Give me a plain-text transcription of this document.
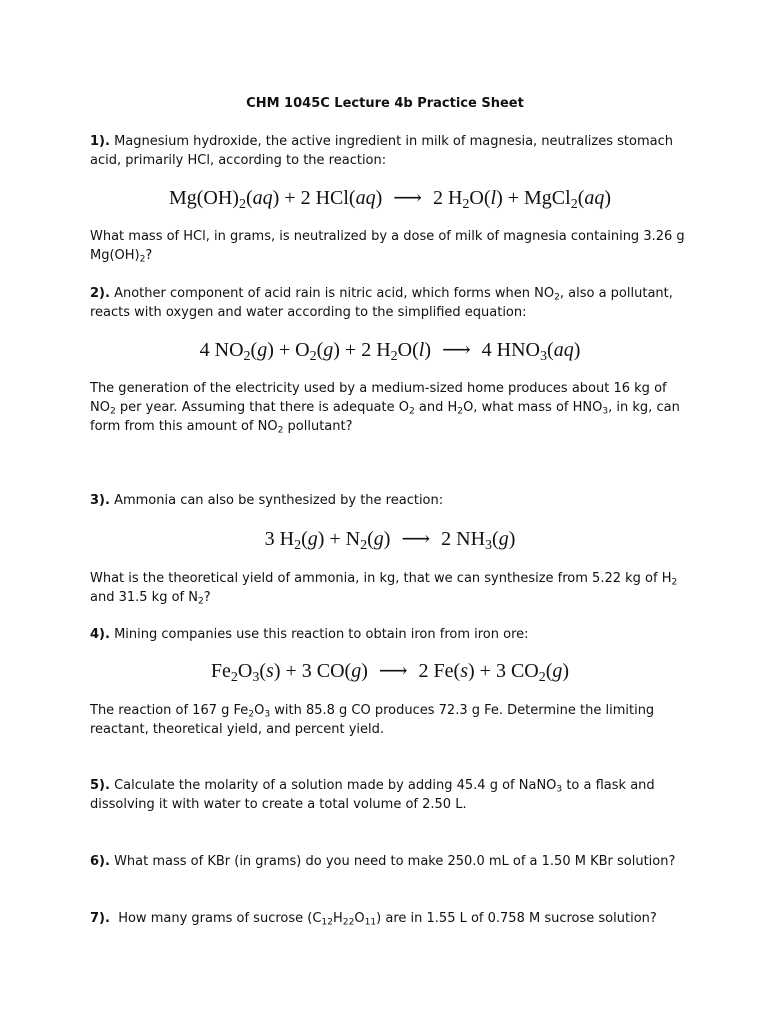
CHM 1045C Lecture 4b Practice Sheet
1). Magnesium hydroxide, the active ingredient in milk of magnesia, neutralizes stomach acid, primarily HCl, according to the reaction:
$Mg(OH)_2(aq) + 2$ HCl(aq) ⟶ 2 $H_2O(l)$ + MgCl$_2$(aq)
What mass of HCl, in grams, is neutralized by a dose of milk of magnesia containing 3.26 g $Mg(OH)_2$?
2). Another component of acid rain is nitric acid, which forms when $NO_2$, also a pollutant, reacts with oxygen and water according to the simplified equation:
4 $NO_2(g) + O_2(g) + 2$ $H_2O(l)$ ⟶ 4 $HNO_3(aq)$
The generation of the electricity used by a medium-sized home produces about 16 kg of $NO_2$ per year. Assuming that there is adequate $O_2$ and $H_2O$, what mass of $HNO_3$, in kg, can form from this amount of $NO_2$ pollutant?
3). Ammonia can also be synthesized by the reaction:
3 $H_2(g) + N_2(g)$ ⟶ 2 $NH_3(g)$
What is the theoretical yield of ammonia, in kg, that we can synthesize from 5.22 kg of $H_2$ and 31.5 kg of $N_2$?
4). Mining companies use this reaction to obtain iron from iron ore:
$Fe_2O_3(s) + 3$ CO(g) ⟶ 2 Fe(s) + 3 $CO_2(g)$
The reaction of 167 g $Fe_2O_3$ with 85.8 g CO produces 72.3 g Fe. Determine the limiting reactant, theoretical yield, and percent yield.
5). Calculate the molarity of a solution made by adding 45.4 g of NaNO$_3$ to a flask and dissolving it with water to create a total volume of 2.50 L.
6). What mass of KBr (in grams) do you need to make 250.0 mL of a 1.50 M KBr solution?
7).  How many grams of sucrose $(C_{12}H_{22}O_{11})$ are in 1.55 L of 0.758 M sucrose solution?
